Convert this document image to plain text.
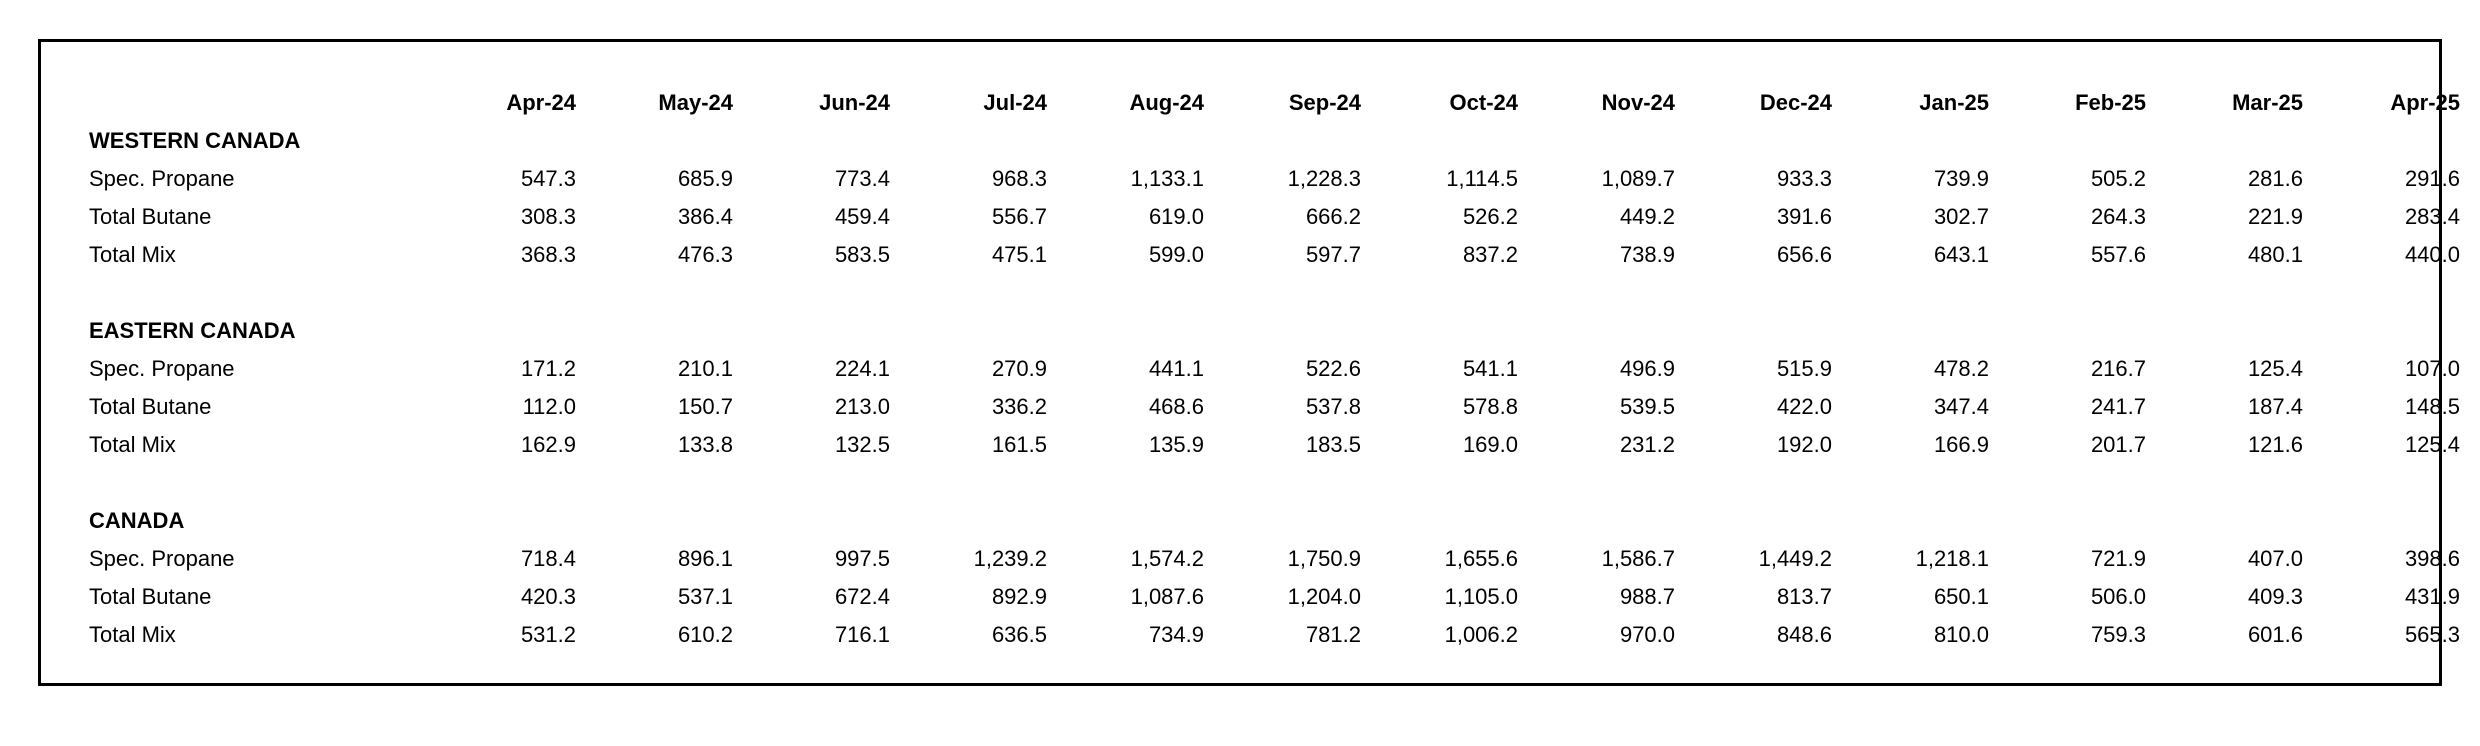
	Apr-24	May-24	Jun-24	Jul-24	Aug-24	Sep-24	Oct-24	Nov-24	Dec-24	Jan-25	Feb-25	Mar-25	Apr-25
WESTERN CANADA													
Spec. Propane	547.3	685.9	773.4	968.3	1,133.1	1,228.3	1,114.5	1,089.7	933.3	739.9	505.2	281.6	291.6
Total Butane	308.3	386.4	459.4	556.7	619.0	666.2	526.2	449.2	391.6	302.7	264.3	221.9	283.4
Total Mix	368.3	476.3	583.5	475.1	599.0	597.7	837.2	738.9	656.6	643.1	557.6	480.1	440.0

EASTERN CANADA													
Spec. Propane	171.2	210.1	224.1	270.9	441.1	522.6	541.1	496.9	515.9	478.2	216.7	125.4	107.0
Total Butane	112.0	150.7	213.0	336.2	468.6	537.8	578.8	539.5	422.0	347.4	241.7	187.4	148.5
Total Mix	162.9	133.8	132.5	161.5	135.9	183.5	169.0	231.2	192.0	166.9	201.7	121.6	125.4

CANADA													
Spec. Propane	718.4	896.1	997.5	1,239.2	1,574.2	1,750.9	1,655.6	1,586.7	1,449.2	1,218.1	721.9	407.0	398.6
Total Butane	420.3	537.1	672.4	892.9	1,087.6	1,204.0	1,105.0	988.7	813.7	650.1	506.0	409.3	431.9
Total Mix	531.2	610.2	716.1	636.5	734.9	781.2	1,006.2	970.0	848.6	810.0	759.3	601.6	565.3
